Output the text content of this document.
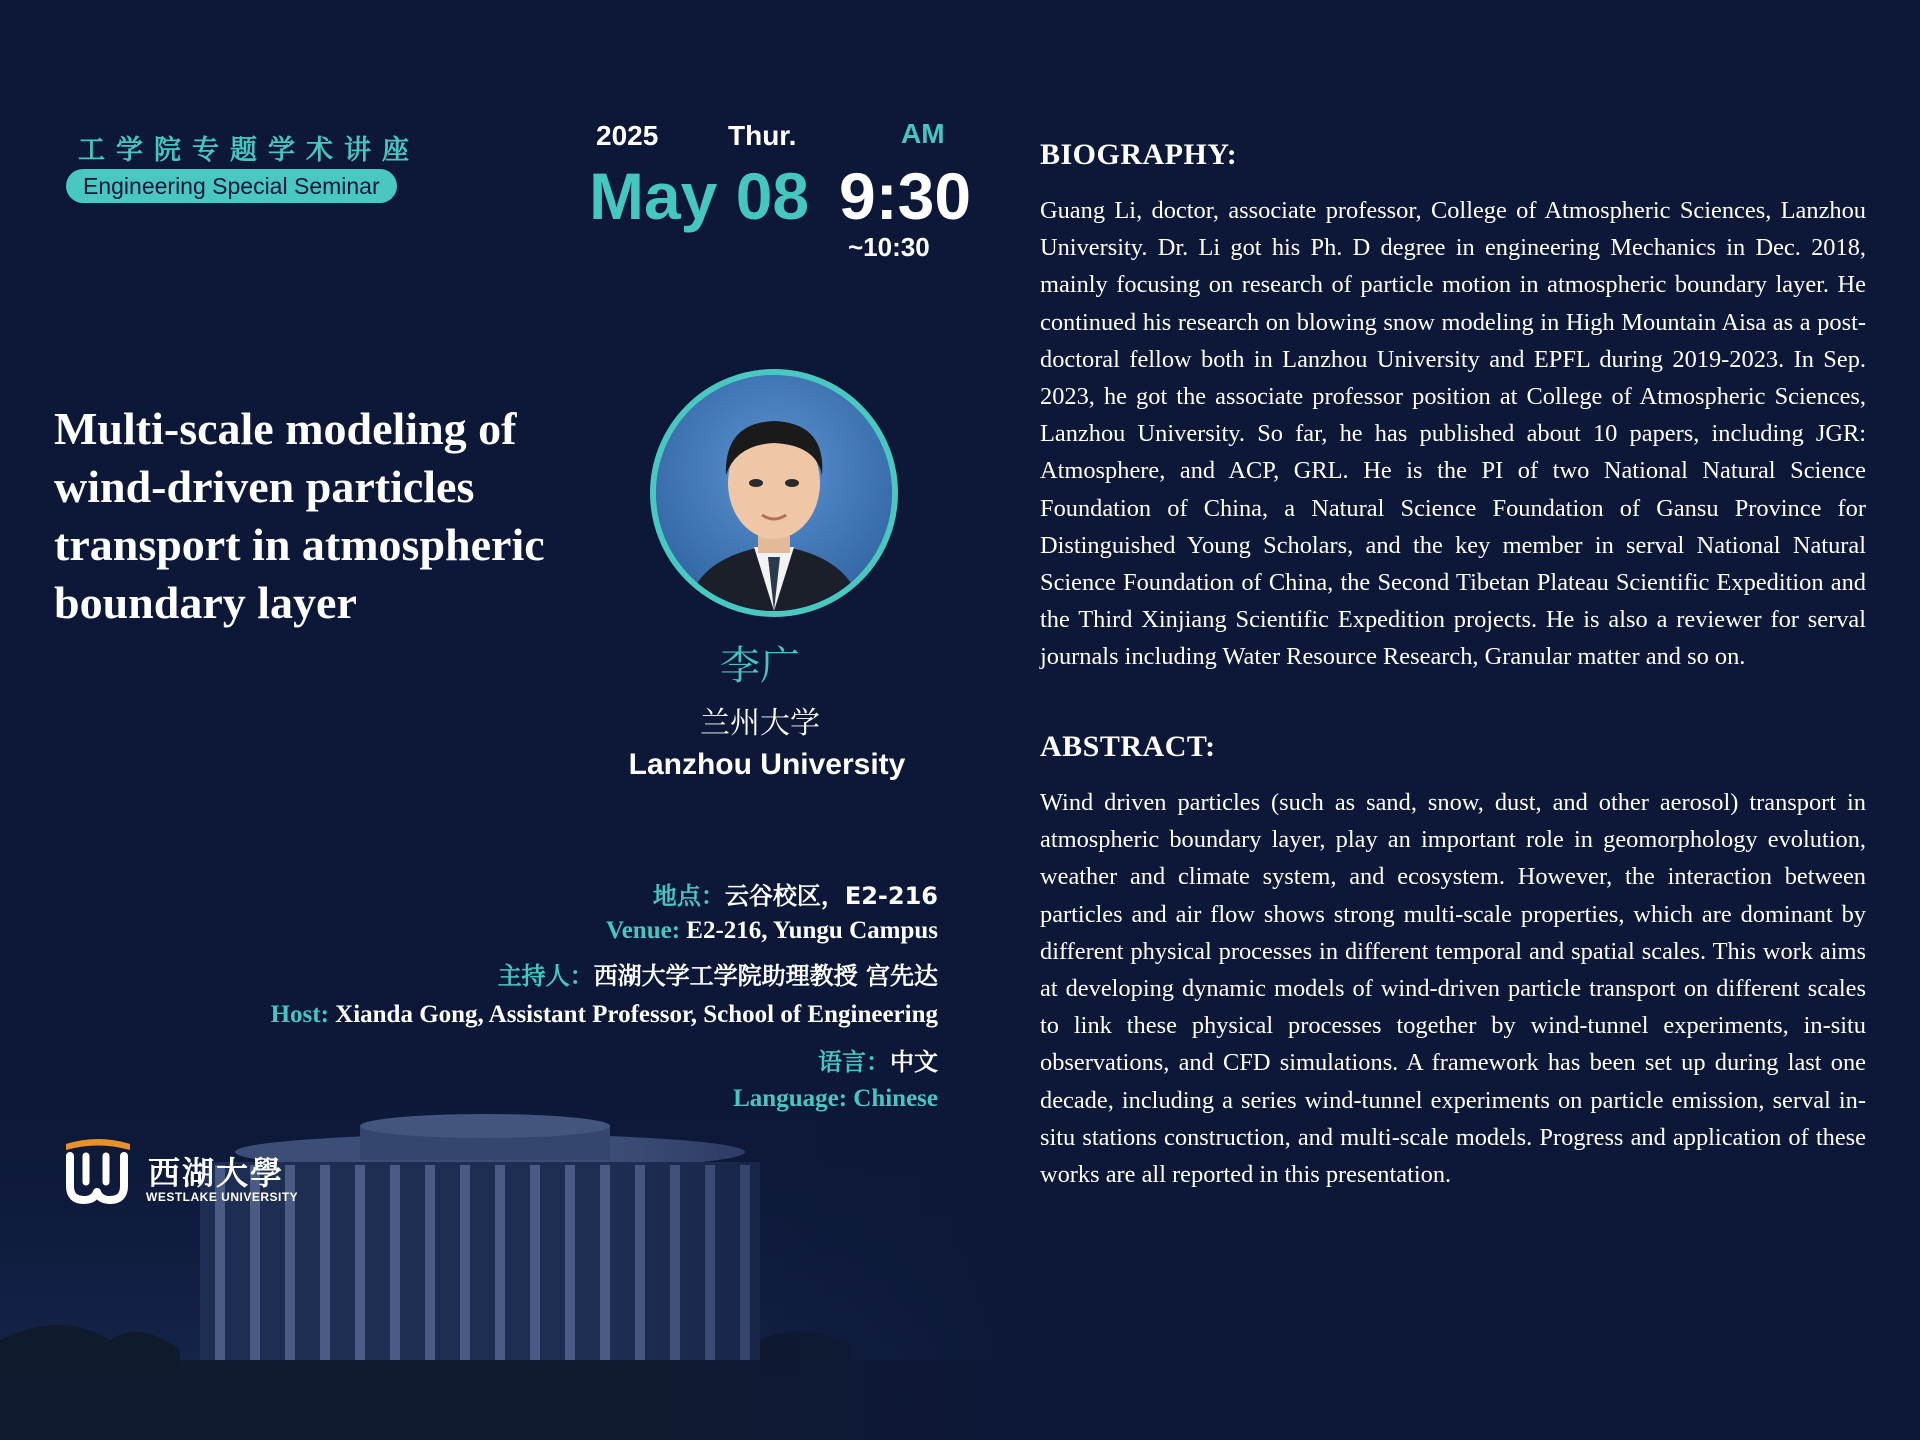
工学院专题学术讲座
Engineering Special Seminar
2025 Thur.	AM
May 08 9:30
~10:30
Multi-scale modeling of wind-driven particles transport in atmospheric boundary layer
李广
兰州大学
Lanzhou University
地点：云谷校区，E2-216
Venue: E2-216, Yungu Campus
主持人：西湖大学工学院助理教授 宫先达
Host: Xianda Gong, Assistant Professor, School of Engineering
语言：中文
Language: Chinese
西湖大學
WESTLAKE UNIVERSITY
BIOGRAPHY:
Guang Li, doctor, associate professor, College of Atmospheric Sciences, Lanzhou University. Dr. Li got his Ph. D degree in engineering Mechanics in Dec. 2018, mainly focusing on research of particle motion in atmospheric boundary layer. He continued his research on blowing snow modeling in High Mountain Aisa as a post-doctoral fellow both in Lanzhou University and EPFL during 2019-2023. In Sep. 2023, he got the associate professor position at College of Atmospheric Sciences, Lanzhou University. So far, he has published about 10 papers, including JGR: Atmosphere, and ACP, GRL. He is the PI of two National Natural Science Foundation of China, a Natural Science Foundation of Gansu Province for Distinguished Young Scholars, and the key member in serval National Natural Science Foundation of China, the Second Tibetan Plateau Scientific Expedition and the Third Xinjiang Scientific Expedition projects. He is also a reviewer for serval journals including Water Resource Research, Granular matter and so on.
ABSTRACT:
Wind driven particles (such as sand, snow, dust, and other aerosol) transport in atmospheric boundary layer, play an important role in geomorphology evolution, weather and climate system, and ecosystem. However, the interaction between particles and air flow shows strong multi-scale properties, which are dominant by different physical processes in different temporal and spatial scales. This work aims at developing dynamic models of wind-driven particle transport on different scales to link these physical processes together by wind-tunnel experiments, in-situ observations, and CFD simulations. A framework has been set up during last one decade, including a series wind-tunnel experiments on particle emission, serval in-situ stations construction, and multi-scale models. Progress and application of these works are all reported in this presentation.
